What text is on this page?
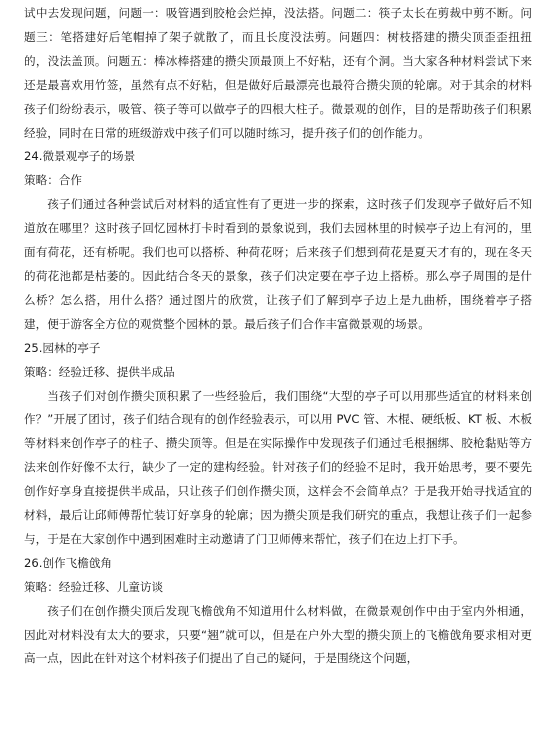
试中去发现问题，问题一：吸管遇到胶枪会烂掉，没法搭。问题二：筷子太长在剪裁中剪不断。问题三：笔搭建好后笔帽掉了架子就散了，而且长度没法剪。问题四：树枝搭建的攒尖顶歪歪扭扭的，没法盖顶。问题五：棒冰棒搭建的攒尖顶最顶上不好粘，还有个洞。当大家各种材料尝试下来还是最喜欢用竹签，虽然有点不好粘，但是做好后最漂亮也最符合攒尖顶的轮廓。对于其余的材料孩子们纷纷表示，吸管、筷子等可以做亭子的四根大柱子。微景观的创作，目的是帮助孩子们积累经验，同时在日常的班级游戏中孩子们可以随时练习，提升孩子们的创作能力。

24.微景观亭子的场景

策略：合作

孩子们通过各种尝试后对材料的适宜性有了更进一步的探索，这时孩子们发现亭子做好后不知道放在哪里？这时孩子回忆园林打卡时看到的景象说到，我们去园林里的时候亭子边上有河的，里面有荷花，还有桥呢。我们也可以搭桥、种荷花呀；后来孩子们想到荷花是夏天才有的，现在冬天的荷花池都是枯萎的。因此结合冬天的景象，孩子们决定要在亭子边上搭桥。那么亭子周围的是什么桥？怎么搭，用什么搭？通过图片的欣赏，让孩子们了解到亭子边上是九曲桥，围绕着亭子搭建，便于游客全方位的观赏整个园林的景。最后孩子们合作丰富微景观的场景。

25.园林的亭子

策略：经验迁移、提供半成品

当孩子们对创作攒尖顶积累了一些经验后，我们围绕“大型的亭子可以用那些适宜的材料来创作？”开展了团讨，孩子们结合现有的创作经验表示，可以用 PVC 管、木棍、硬纸板、KT 板、木板等材料来创作亭子的柱子、攒尖顶等。但是在实际操作中发现孩子们通过毛根捆绑、胶枪黏贴等方法来创作好像不太行，缺少了一定的建构经验。针对孩子们的经验不足时，我开始思考，要不要先创作好享身直接提供半成品，只让孩子们创作攒尖顶，这样会不会简单点？于是我开始寻找适宜的材料，最后让邱师傅帮忙装订好享身的轮廓；因为攒尖顶是我们研究的重点，我想让孩子们一起参与，于是在大家创作中遇到困难时主动邀请了门卫师傅来帮忙，孩子们在边上打下手。

26.创作飞檐戗角

策略：经验迁移、儿童访谈

孩子们在创作攒尖顶后发现飞檐戗角不知道用什么材料做，在微景观创作中由于室内外相通，因此对材料没有太大的要求，只要“翘”就可以，但是在户外大型的攒尖顶上的飞檐戗角要求相对更高一点，因此在针对这个材料孩子们提出了自己的疑问，于是围绕这个问题，
